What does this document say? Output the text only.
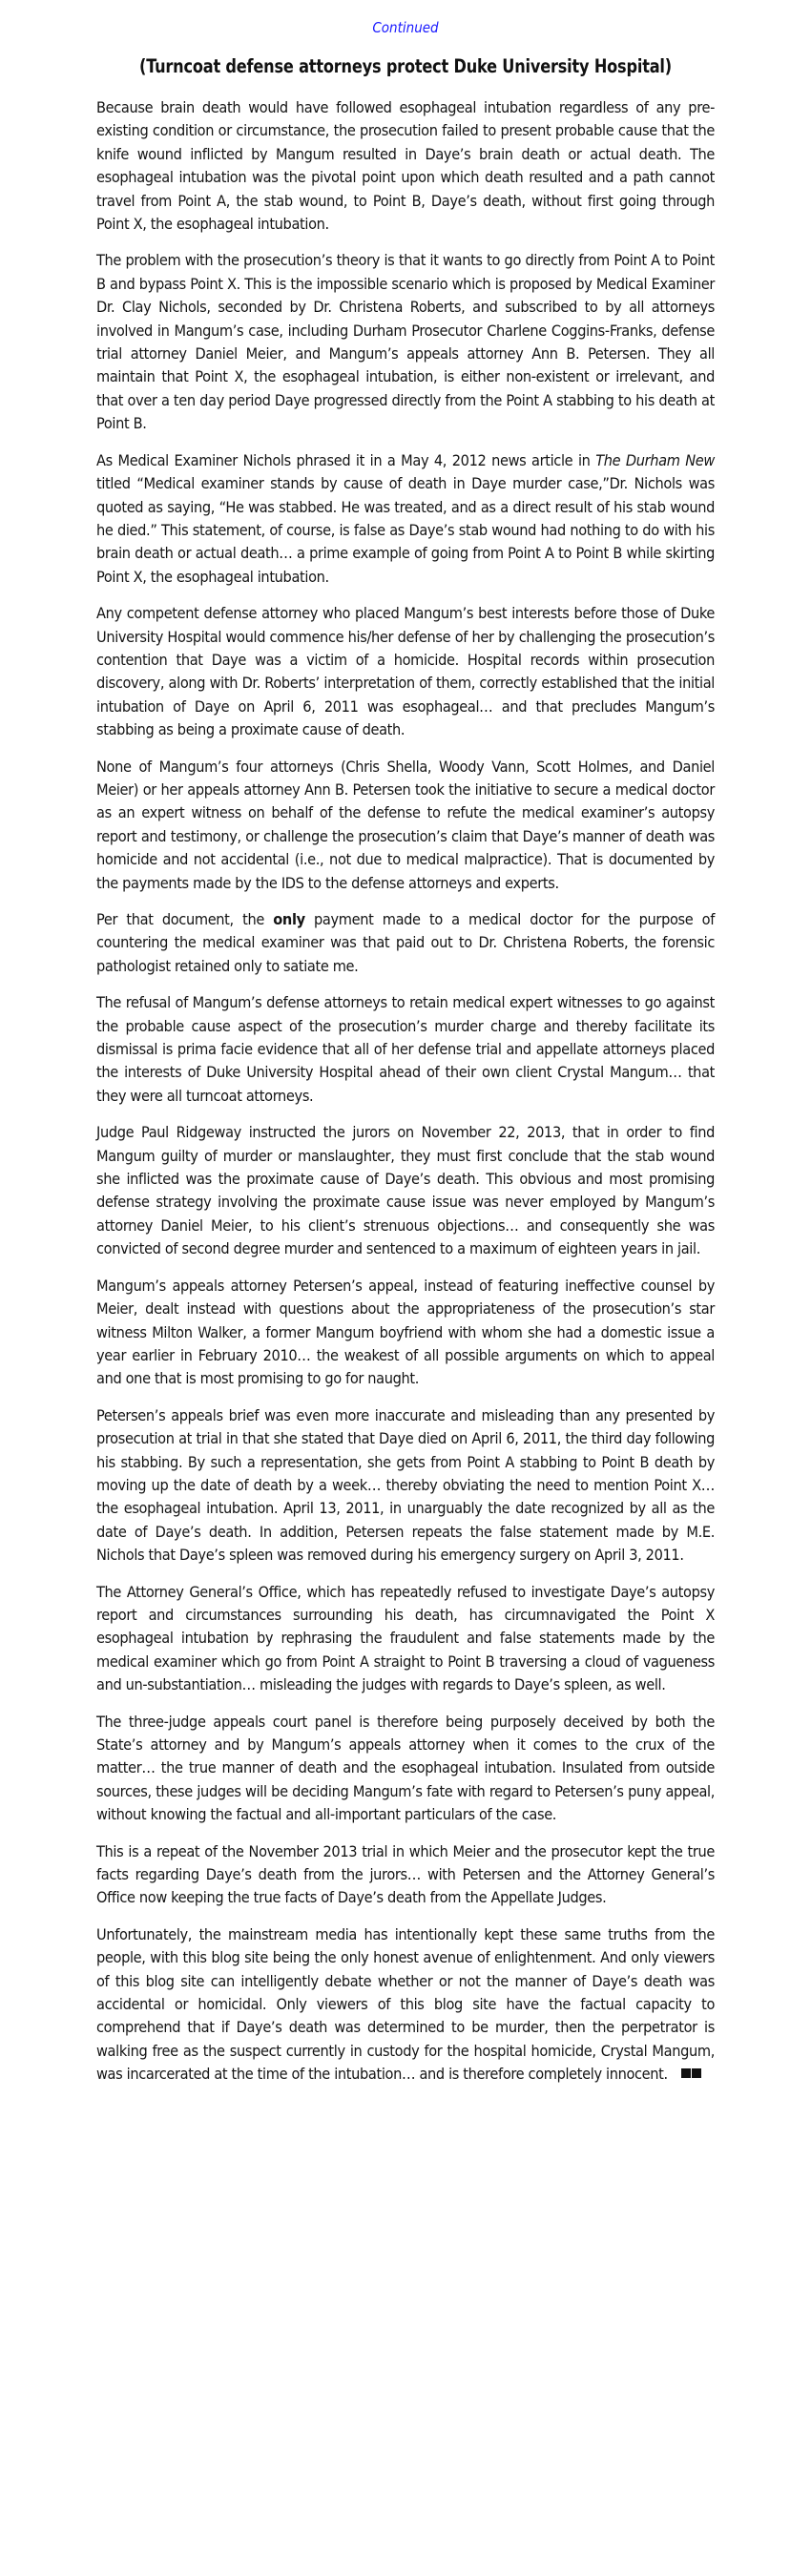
Continued
(Turncoat defense attorneys protect Duke University Hospital)

Because brain death would have followed esophageal intubation regardless of any pre-existing condition or circumstance, the prosecution failed to present probable cause that the knife wound inflicted by Mangum resulted in Daye’s brain death or actual death. The esophageal intubation was the pivotal point upon which death resulted and a path cannot travel from Point A, the stab wound, to Point B, Daye’s death, without first going through Point X, the esophageal intubation.

The problem with the prosecution’s theory is that it wants to go directly from Point A to Point B and bypass Point X. This is the impossible scenario which is proposed by Medical Examiner Dr. Clay Nichols, seconded by Dr. Christena Roberts, and subscribed to by all attorneys involved in Mangum’s case, including Durham Prosecutor Charlene Coggins-Franks, defense trial attorney Daniel Meier, and Mangum’s appeals attorney Ann B. Petersen. They all maintain that Point X, the esophageal intubation, is either non-existent or irrelevant, and that over a ten day period Daye progressed directly from the Point A stabbing to his death at Point B.

As Medical Examiner Nichols phrased it in a May 4, 2012 news article in The Durham New titled “Medical examiner stands by cause of death in Daye murder case,”Dr. Nichols was quoted as saying, “He was stabbed. He was treated, and as a direct result of his stab wound he died.” This statement, of course, is false as Daye’s stab wound had nothing to do with his brain death or actual death… a prime example of going from Point A to Point B while skirting Point X, the esophageal intubation.

Any competent defense attorney who placed Mangum’s best interests before those of Duke University Hospital would commence his/her defense of her by challenging the prosecution’s contention that Daye was a victim of a homicide. Hospital records within prosecution discovery, along with Dr. Roberts’ interpretation of them, correctly established that the initial intubation of Daye on April 6, 2011 was esophageal… and that precludes Mangum’s stabbing as being a proximate cause of death.

None of Mangum’s four attorneys (Chris Shella, Woody Vann, Scott Holmes, and Daniel Meier) or her appeals attorney Ann B. Petersen took the initiative to secure a medical doctor as an expert witness on behalf of the defense to refute the medical examiner’s autopsy report and testimony, or challenge the prosecution’s claim that Daye’s manner of death was homicide and not accidental (i.e., not due to medical malpractice). That is documented by the payments made by the IDS to the defense attorneys and experts.

Per that document, the only payment made to a medical doctor for the purpose of countering the medical examiner was that paid out to Dr. Christena Roberts, the forensic pathologist retained only to satiate me.

The refusal of Mangum’s defense attorneys to retain medical expert witnesses to go against the probable cause aspect of the prosecution’s murder charge and thereby facilitate its dismissal is prima facie evidence that all of her defense trial and appellate attorneys placed the interests of Duke University Hospital ahead of their own client Crystal Mangum… that they were all turncoat attorneys.

Judge Paul Ridgeway instructed the jurors on November 22, 2013, that in order to find Mangum guilty of murder or manslaughter, they must first conclude that the stab wound she inflicted was the proximate cause of Daye’s death. This obvious and most promising defense strategy involving the proximate cause issue was never employed by Mangum’s attorney Daniel Meier, to his client’s strenuous objections… and consequently she was convicted of second degree murder and sentenced to a maximum of eighteen years in jail.

Mangum’s appeals attorney Petersen’s appeal, instead of featuring ineffective counsel by Meier, dealt instead with questions about the appropriateness of the prosecution’s star witness Milton Walker, a former Mangum boyfriend with whom she had a domestic issue a year earlier in February 2010… the weakest of all possible arguments on which to appeal and one that is most promising to go for naught.

Petersen’s appeals brief was even more inaccurate and misleading than any presented by prosecution at trial in that she stated that Daye died on April 6, 2011, the third day following his stabbing. By such a representation, she gets from Point A stabbing to Point B death by moving up the date of death by a week… thereby obviating the need to mention Point X… the esophageal intubation. April 13, 2011, in unarguably the date recognized by all as the date of Daye’s death. In addition, Petersen repeats the false statement made by M.E. Nichols that Daye’s spleen was removed during his emergency surgery on April 3, 2011.

The Attorney General’s Office, which has repeatedly refused to investigate Daye’s autopsy report and circumstances surrounding his death, has circumnavigated the Point X esophageal intubation by rephrasing the fraudulent and false statements made by the medical examiner which go from Point A straight to Point B traversing a cloud of vagueness and un-substantiation… misleading the judges with regards to Daye’s spleen, as well.

The three-judge appeals court panel is therefore being purposely deceived by both the State’s attorney and by Mangum’s appeals attorney when it comes to the crux of the matter… the true manner of death and the esophageal intubation. Insulated from outside sources, these judges will be deciding Mangum’s fate with regard to Petersen’s puny appeal, without knowing the factual and all-important particulars of the case.

This is a repeat of the November 2013 trial in which Meier and the prosecutor kept the true facts regarding Daye’s death from the jurors… with Petersen and the Attorney General’s Office now keeping the true facts of Daye’s death from the Appellate Judges.

Unfortunately, the mainstream media has intentionally kept these same truths from the people, with this blog site being the only honest avenue of enlightenment. And only viewers of this blog site can intelligently debate whether or not the manner of Daye’s death was accidental or homicidal. Only viewers of this blog site have the factual capacity to comprehend that if Daye’s death was determined to be murder, then the perpetrator is walking free as the suspect currently in custody for the hospital homicide, Crystal Mangum, was incarcerated at the time of the intubation… and is therefore completely innocent.
